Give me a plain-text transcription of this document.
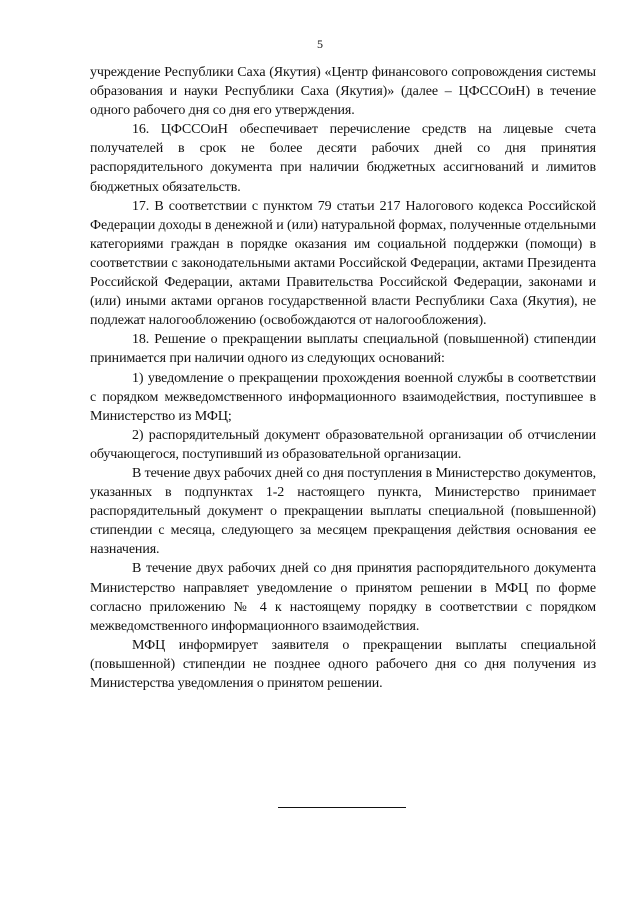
5

учреждение Республики Саха (Якутия) «Центр финансового сопровождения системы образования и науки Республики Саха (Якутия)» (далее – ЦФССОиН) в течение одного рабочего дня со дня его утверждения.

16. ЦФССОиН обеспечивает перечисление средств на лицевые счета получателей в срок не более десяти рабочих дней со дня принятия распорядительного документа при наличии бюджетных ассигнований и лимитов бюджетных обязательств.

17. В соответствии с пунктом 79 статьи 217 Налогового кодекса Российской Федерации доходы в денежной и (или) натуральной формах, полученные отдельными категориями граждан в порядке оказания им социальной поддержки (помощи) в соответствии с законодательными актами Российской Федерации, актами Президента Российской Федерации, актами Правительства Российской Федерации, законами и (или) иными актами органов государственной власти Республики Саха (Якутия), не подлежат налогообложению (освобождаются от налогообложения).

18. Решение о прекращении выплаты специальной (повышенной) стипендии принимается при наличии одного из следующих оснований:

1) уведомление о прекращении прохождения военной службы в соответствии с порядком межведомственного информационного взаимодействия, поступившее в Министерство из МФЦ;

2) распорядительный документ образовательной организации об отчислении обучающегося, поступивший из образовательной организации.

В течение двух рабочих дней со дня поступления в Министерство документов, указанных в подпунктах 1-2 настоящего пункта, Министерство принимает распорядительный документ о прекращении выплаты специальной (повышенной) стипендии с месяца, следующего за месяцем прекращения действия основания ее назначения.

В течение двух рабочих дней со дня принятия распорядительного документа Министерство направляет уведомление о принятом решении в МФЦ по форме согласно приложению № 4 к настоящему порядку в соответствии с порядком межведомственного информационного взаимодействия.

МФЦ информирует заявителя о прекращении выплаты специальной (повышенной) стипендии не позднее одного рабочего дня со дня получения из Министерства уведомления о принятом решении.
